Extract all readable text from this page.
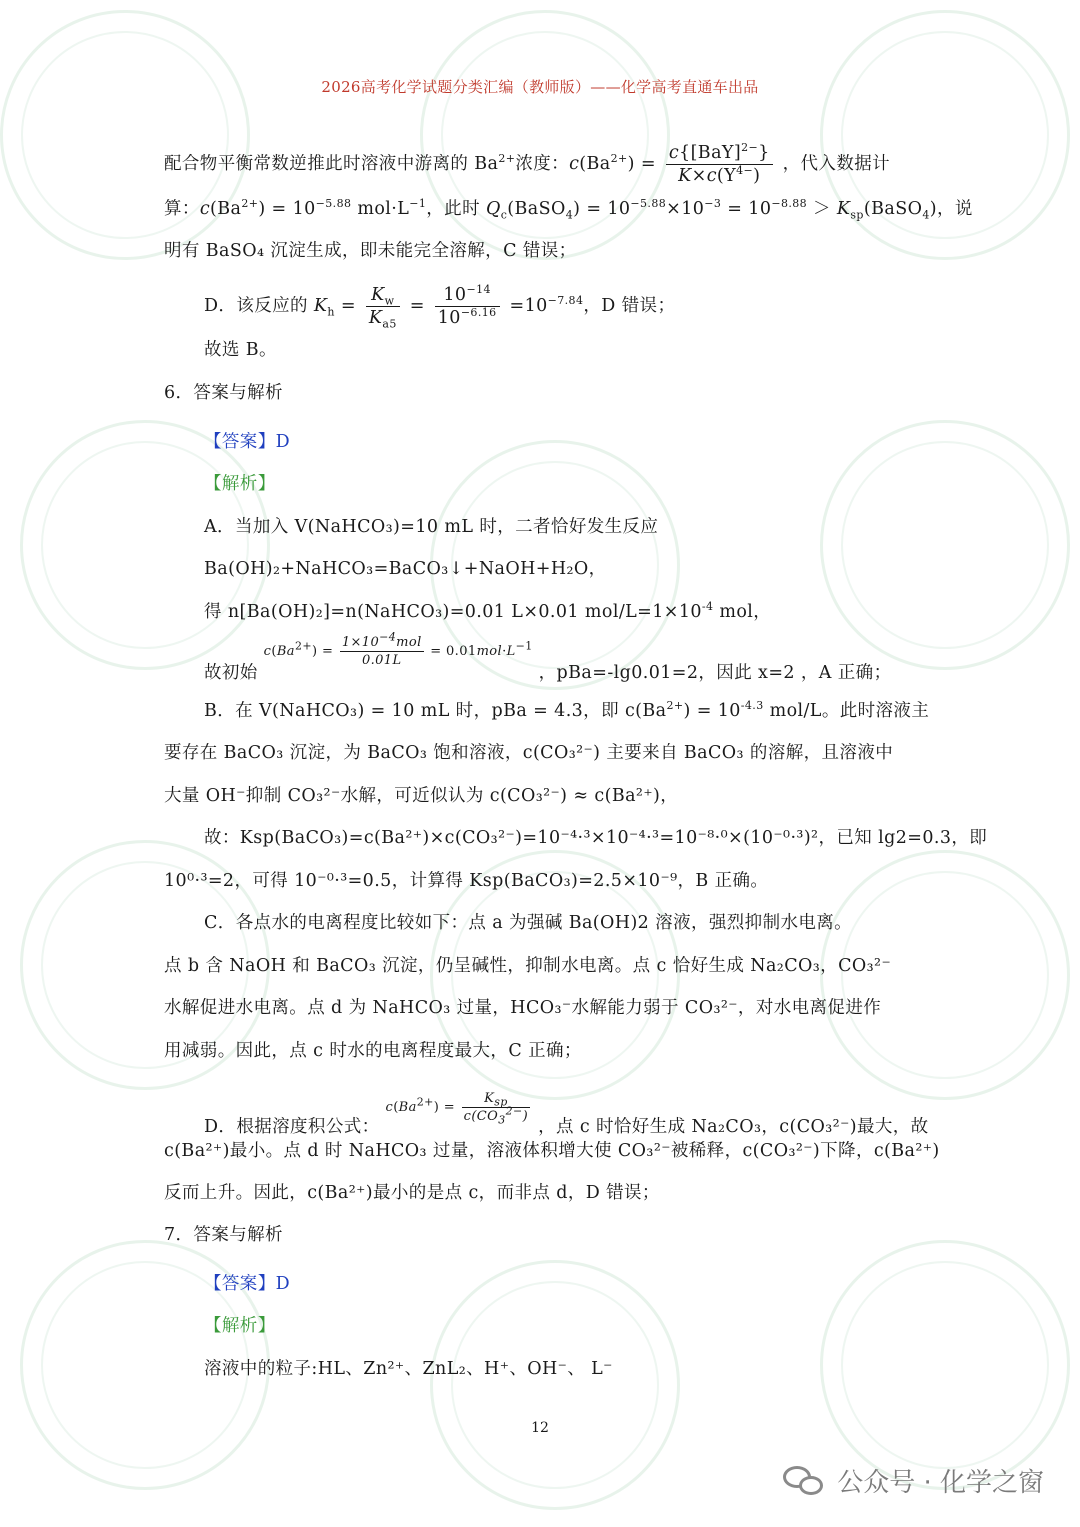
2026高考化学试题分类汇编（教师版）——化学高考直通车出品
配合物平衡常数逆推此时溶液中游离的 $Ba^{2+}$浓度：$c(Ba^{2+}) = \frac{c\{[BaY]^{2-}\}}{K\times c(Y^{4-})}$ ，代入数据计
算：$c(Ba^{2+}) = 10^{-5.88}$ $mol\cdot L^{-1}$，此时 $Q_c(BaSO_4) = 10^{-5.88}\times 10^{-3} = 10^{-8.88}$ ＞ $K_{sp}(BaSO_4)$，说
明有 BaSO₄ 沉淀生成，即未能完全溶解，C 错误；
D．该反应的 $K_h = \frac{K_w}{K_{a5}} = \frac{10^{-14}}{10^{-6.16}} =10^{-7.84}$，D 错误；
故选 B。
6．答案与解析
【答案】D
【解析】
A．当加入 V(NaHCO₃)=10 mL 时，二者恰好发生反应
Ba(OH)₂+NaHCO₃=BaCO₃↓+NaOH+H₂O，
得 n[Ba(OH)₂]=n(NaHCO₃)=0.01 L×0.01 mol/$L=1\times 10^{-4}$ mol，
故初始 $c(Ba^{2+}) = \frac{1\times 10^{-4}mol}{0.01L} = 0.01mol\cdot L^{-1}$ ，pBa=-lg0.01=2，因此 x=2 ，A 正确；
B．在 V(NaHCO₃) = 10 mL 时，pBa = 4.3，即 $c(Ba^{2+}) = 10^{-4.3}$ mol/L。此时溶液主
要存在 BaCO₃ 沉淀，为 BaCO₃ 饱和溶液，c(CO₃²⁻) 主要来自 BaCO₃ 的溶解，且溶液中
大量 OH⁻抑制 CO₃²⁻水解，可近似认为 c(CO₃²⁻) ≈ c(Ba²⁺)，
故：Ksp(BaCO₃)=c(Ba²⁺)×c(CO₃²⁻)=10⁻⁴·³×10⁻⁴·³=10⁻⁸·⁰×(10⁻⁰·³)²，已知 lg2=0.3，即
10⁰·³=2，可得 10⁻⁰·³=0.5，计算得 Ksp(BaCO₃)=2.5×10⁻⁹，B 正确。
C．各点水的电离程度比较如下：点 a 为强碱 Ba(OH)2 溶液，强烈抑制水电离。
点 b 含 NaOH 和 BaCO₃ 沉淀，仍呈碱性，抑制水电离。点 c 恰好生成 Na₂CO₃，CO₃²⁻
水解促进水电离。点 d 为 NaHCO₃ 过量，HCO₃⁻水解能力弱于 CO₃²⁻，对水电离促进作
用减弱。因此，点 c 时水的电离程度最大，C 正确；
D．根据溶度积公式： $c(Ba^{2+}) = \frac{K_{sp}}{c(CO_3^{2-})}$
，点 c 时恰好生成 Na₂CO₃，c(CO₃²⁻)最大，故
c(Ba²⁺)最小。点 d 时 NaHCO₃ 过量，溶液体积增大使 CO₃²⁻被稀释，c(CO₃²⁻)下降，c(Ba²⁺)
反而上升。因此，c(Ba²⁺)最小的是点 c，而非点 d，D 错误；
7．答案与解析
【答案】D
【解析】
溶液中的粒子:HL、Zn²⁺、ZnL₂、H⁺、OH⁻、 L⁻
12
公众号 · 化学之窗
